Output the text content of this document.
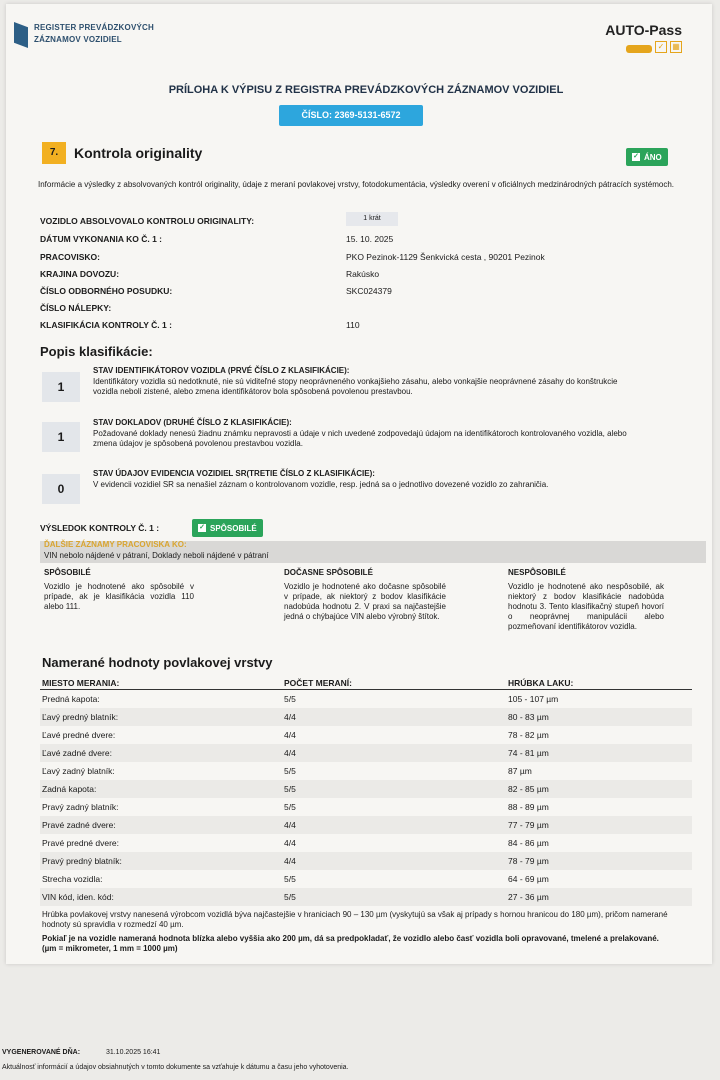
REGISTER PREVÁDZKOVÝCH
ZÁZNAMOV VOZIDIEL
AUTO-Pass
✓ ▦
PRÍLOHA K VÝPISU Z REGISTRA PREVÁDZKOVÝCH ZÁZNAMOV VOZIDIEL
ČÍSLO: 2369-5131-6572
7.	Kontrola originality	✓ ÁNO
Informácie a výsledky z absolvovaných kontról originality, údaje z meraní povlakovej vrstvy, fotodokumentácia, výsledky overení v oficiálnych medzinárodných pátracích systémoch.
VOZIDLO ABSOLVOVALO KONTROLU ORIGINALITY:	1 krát
DÁTUM VYKONANIA KO Č. 1 :	15. 10. 2025
PRACOVISKO:	PKO Pezinok-1129 Šenkvická cesta , 90201 Pezinok
KRAJINA DOVOZU:	Rakúsko
ČÍSLO ODBORNÉHO POSUDKU:	SKC024379
ČÍSLO NÁLEPKY:
KLASIFIKÁCIA KONTROLY Č. 1 :	110
Popis klasifikácie:
1
STAV IDENTIFIKÁTOROV VOZIDLA (PRVÉ ČÍSLO Z KLASIFIKÁCIE):
Identifikátory vozidla sú nedotknuté, nie sú viditeľné stopy neoprávneného vonkajšieho zásahu, alebo vonkajšie neoprávnené zásahy do konštrukcie vozidla neboli zistené, alebo zmena identifikátorov bola spôsobená povolenou prestavbou.
1
STAV DOKLADOV (DRUHÉ ČÍSLO Z KLASIFIKÁCIE):
Požadované doklady nenesú žiadnu známku nepravosti a údaje v nich uvedené zodpovedajú údajom na identifikátoroch kontrolovaného vozidla, alebo zmena údajov je spôsobená povolenou prestavbou vozidla.
0
STAV ÚDAJOV EVIDENCIA VOZIDIEL SR(TRETIE ČÍSLO Z KLASIFIKÁCIE):
V evidencii vozidiel SR sa nenašiel záznam o kontrolovanom vozidle, resp. jedná sa o jednotlivo dovezené vozidlo zo zahraničia.
VÝSLEDOK KONTROLY Č. 1 :	✓ SPÔSOBILÉ
ĎALŠIE ZÁZNAMY PRACOVISKA KO:
VIN nebolo nájdené v pátraní, Doklady neboli nájdené v pátraní
SPÔSOBILÉ
Vozidlo je hodnotené ako spôsobilé v prípade, ak je klasifikácia vozidla 110 alebo 111.
DOČASNE SPÔSOBILÉ
Vozidlo je hodnotené ako dočasne spôsobilé v prípade, ak niektorý z bodov klasifikácie nadobúda hodnotu 2. V praxi sa najčastejšie jedná o chýbajúce VIN alebo výrobný štítok.
NESPÔSOBILÉ
Vozidlo je hodnotené ako nespôsobilé, ak niektorý z bodov klasifikácie nadobúda hodnotu 3. Tento klasifikačný stupeň hovorí o neoprávnej manipulácii alebo pozmeňovaní identifikátorov vozidla.
Namerané hodnoty povlakovej vrstvy
MIESTO MERANIA:	POČET MERANÍ:	HRÚBKA LAKU:
Predná kapota:	5/5	105 - 107 µm
Ľavý predný blatník:	4/4	80 - 83 µm
Ľavé predné dvere:	4/4	78 - 82 µm
Ľavé zadné dvere:	4/4	74 - 81 µm
Ľavý zadný blatník:	5/5	87 µm
Zadná kapota:	5/5	82 - 85 µm
Pravý zadný blatník:	5/5	88 - 89 µm
Pravé zadné dvere:	4/4	77 - 79 µm
Pravé predné dvere:	4/4	84 - 86 µm
Pravý predný blatník:	4/4	78 - 79 µm
Strecha vozidla:	5/5	64 - 69 µm
VIN kód, iden. kód:	5/5	27 - 36 µm
Hrúbka povlakovej vrstvy nanesená výrobcom vozidlá býva najčastejšie v hraniciach 90 – 130 µm (vyskytujú sa však aj prípady s hornou hranicou do 180 µm), pričom namerané hodnoty sú spravidla v rozmedzí 40 µm.
Pokiaľ je na vozidle nameraná hodnota blízka alebo vyššia ako 200 µm, dá sa predpokladať, že vozidlo alebo časť vozidla boli opravované, tmelené a prelakované. (µm = mikrometer, 1 mm = 1000 µm)
VYGENEROVANÉ DŇA:	31.10.2025 16:41
Aktuálnosť informácií a údajov obsiahnutých v tomto dokumente sa vzťahuje k dátumu a času jeho vyhotovenia.
